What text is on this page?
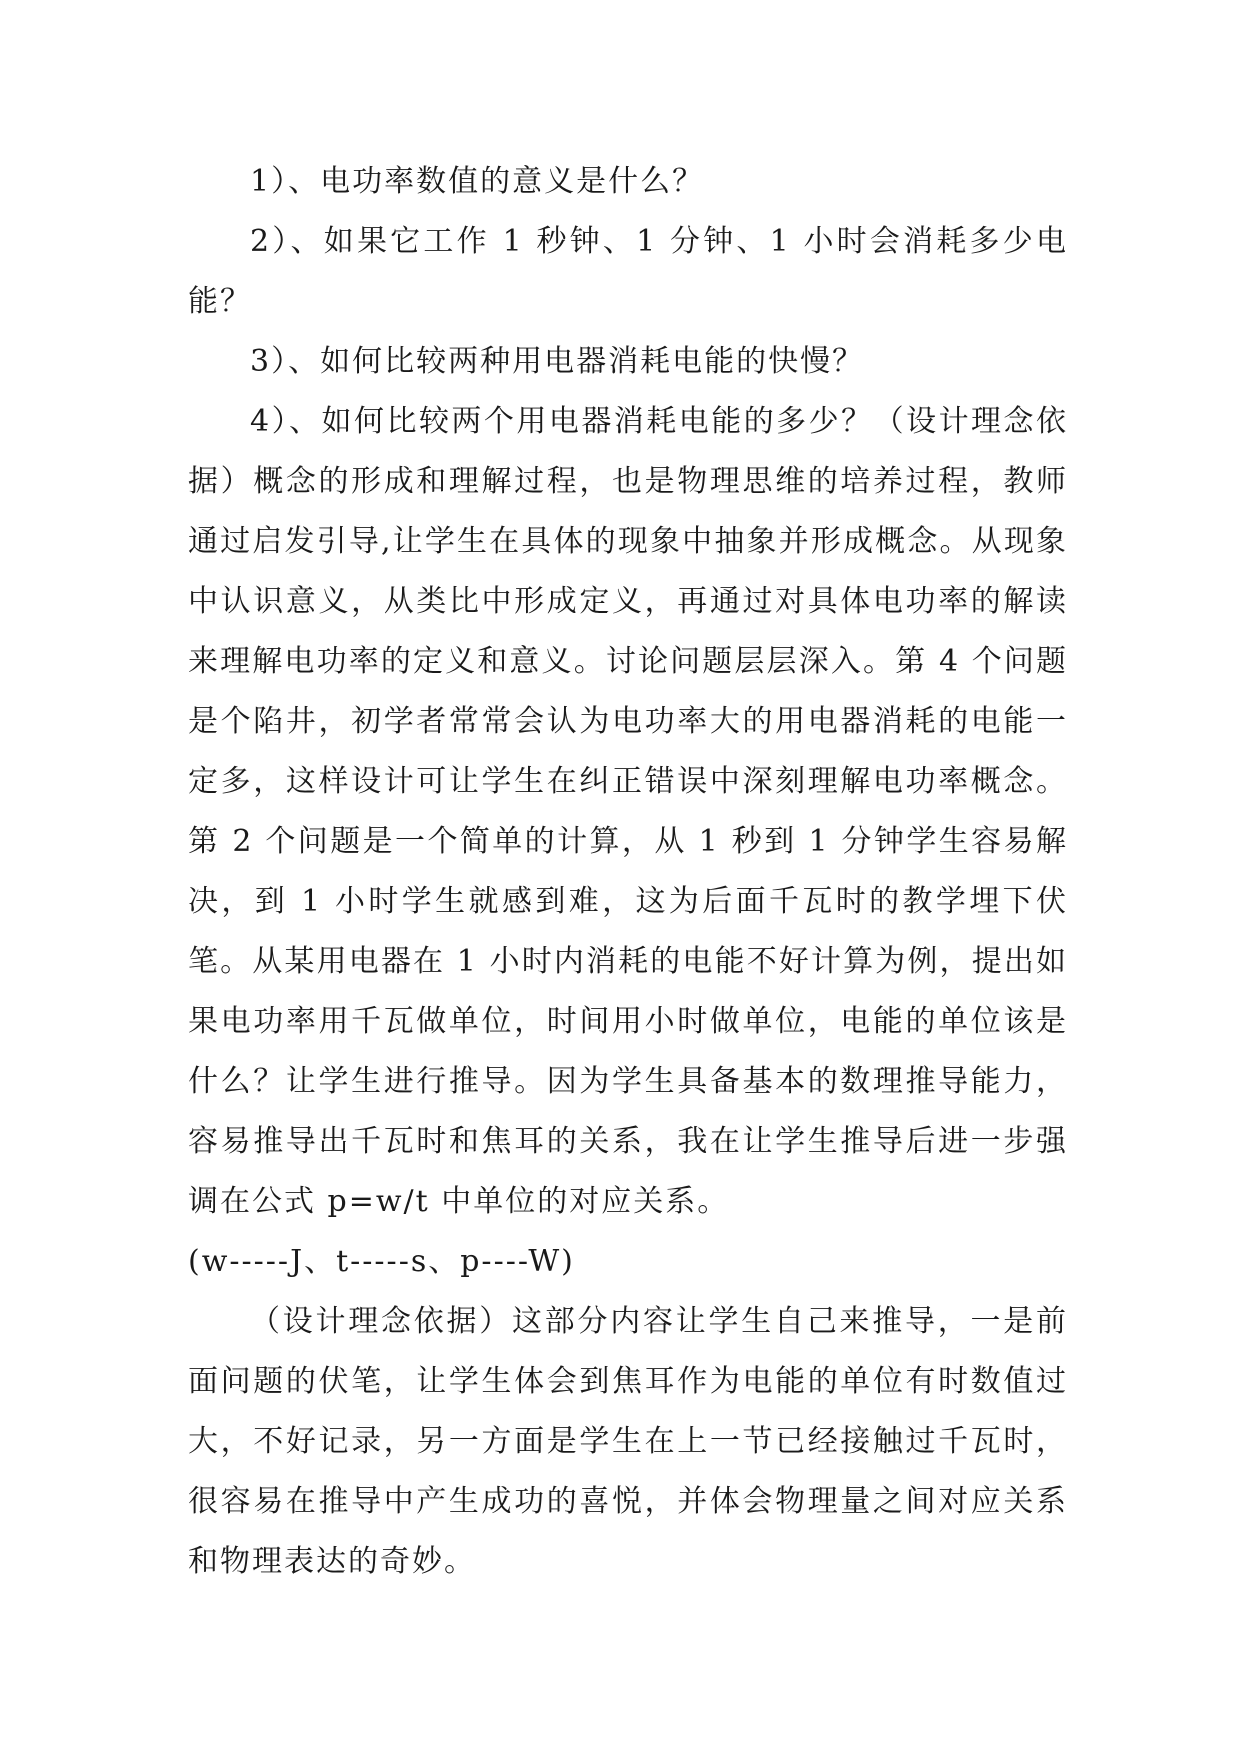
1）、电功率数值的意义是什么？

2）、如果它工作 1 秒钟、1 分钟、1 小时会消耗多少电能？

3）、如何比较两种用电器消耗电能的快慢？

4）、如何比较两个用电器消耗电能的多少？（设计理念依据）概念的形成和理解过程，也是物理思维的培养过程，教师通过启发引导,让学生在具体的现象中抽象并形成概念。从现象中认识意义，从类比中形成定义，再通过对具体电功率的解读来理解电功率的定义和意义。讨论问题层层深入。第 4 个问题是个陷井，初学者常常会认为电功率大的用电器消耗的电能一定多，这样设计可让学生在纠正错误中深刻理解电功率概念。第 2 个问题是一个简单的计算，从 1 秒到 1 分钟学生容易解决，到 1 小时学生就感到难，这为后面千瓦时的教学埋下伏笔。从某用电器在 1 小时内消耗的电能不好计算为例，提出如果电功率用千瓦做单位，时间用小时做单位，电能的单位该是什么？让学生进行推导。因为学生具备基本的数理推导能力，容易推导出千瓦时和焦耳的关系，我在让学生推导后进一步强调在公式 p=w/t 中单位的对应关系。

(w-----J、t-----s、p----W)

（设计理念依据）这部分内容让学生自己来推导，一是前面问题的伏笔，让学生体会到焦耳作为电能的单位有时数值过大，不好记录，另一方面是学生在上一节已经接触过千瓦时，很容易在推导中产生成功的喜悦，并体会物理量之间对应关系和物理表达的奇妙。
